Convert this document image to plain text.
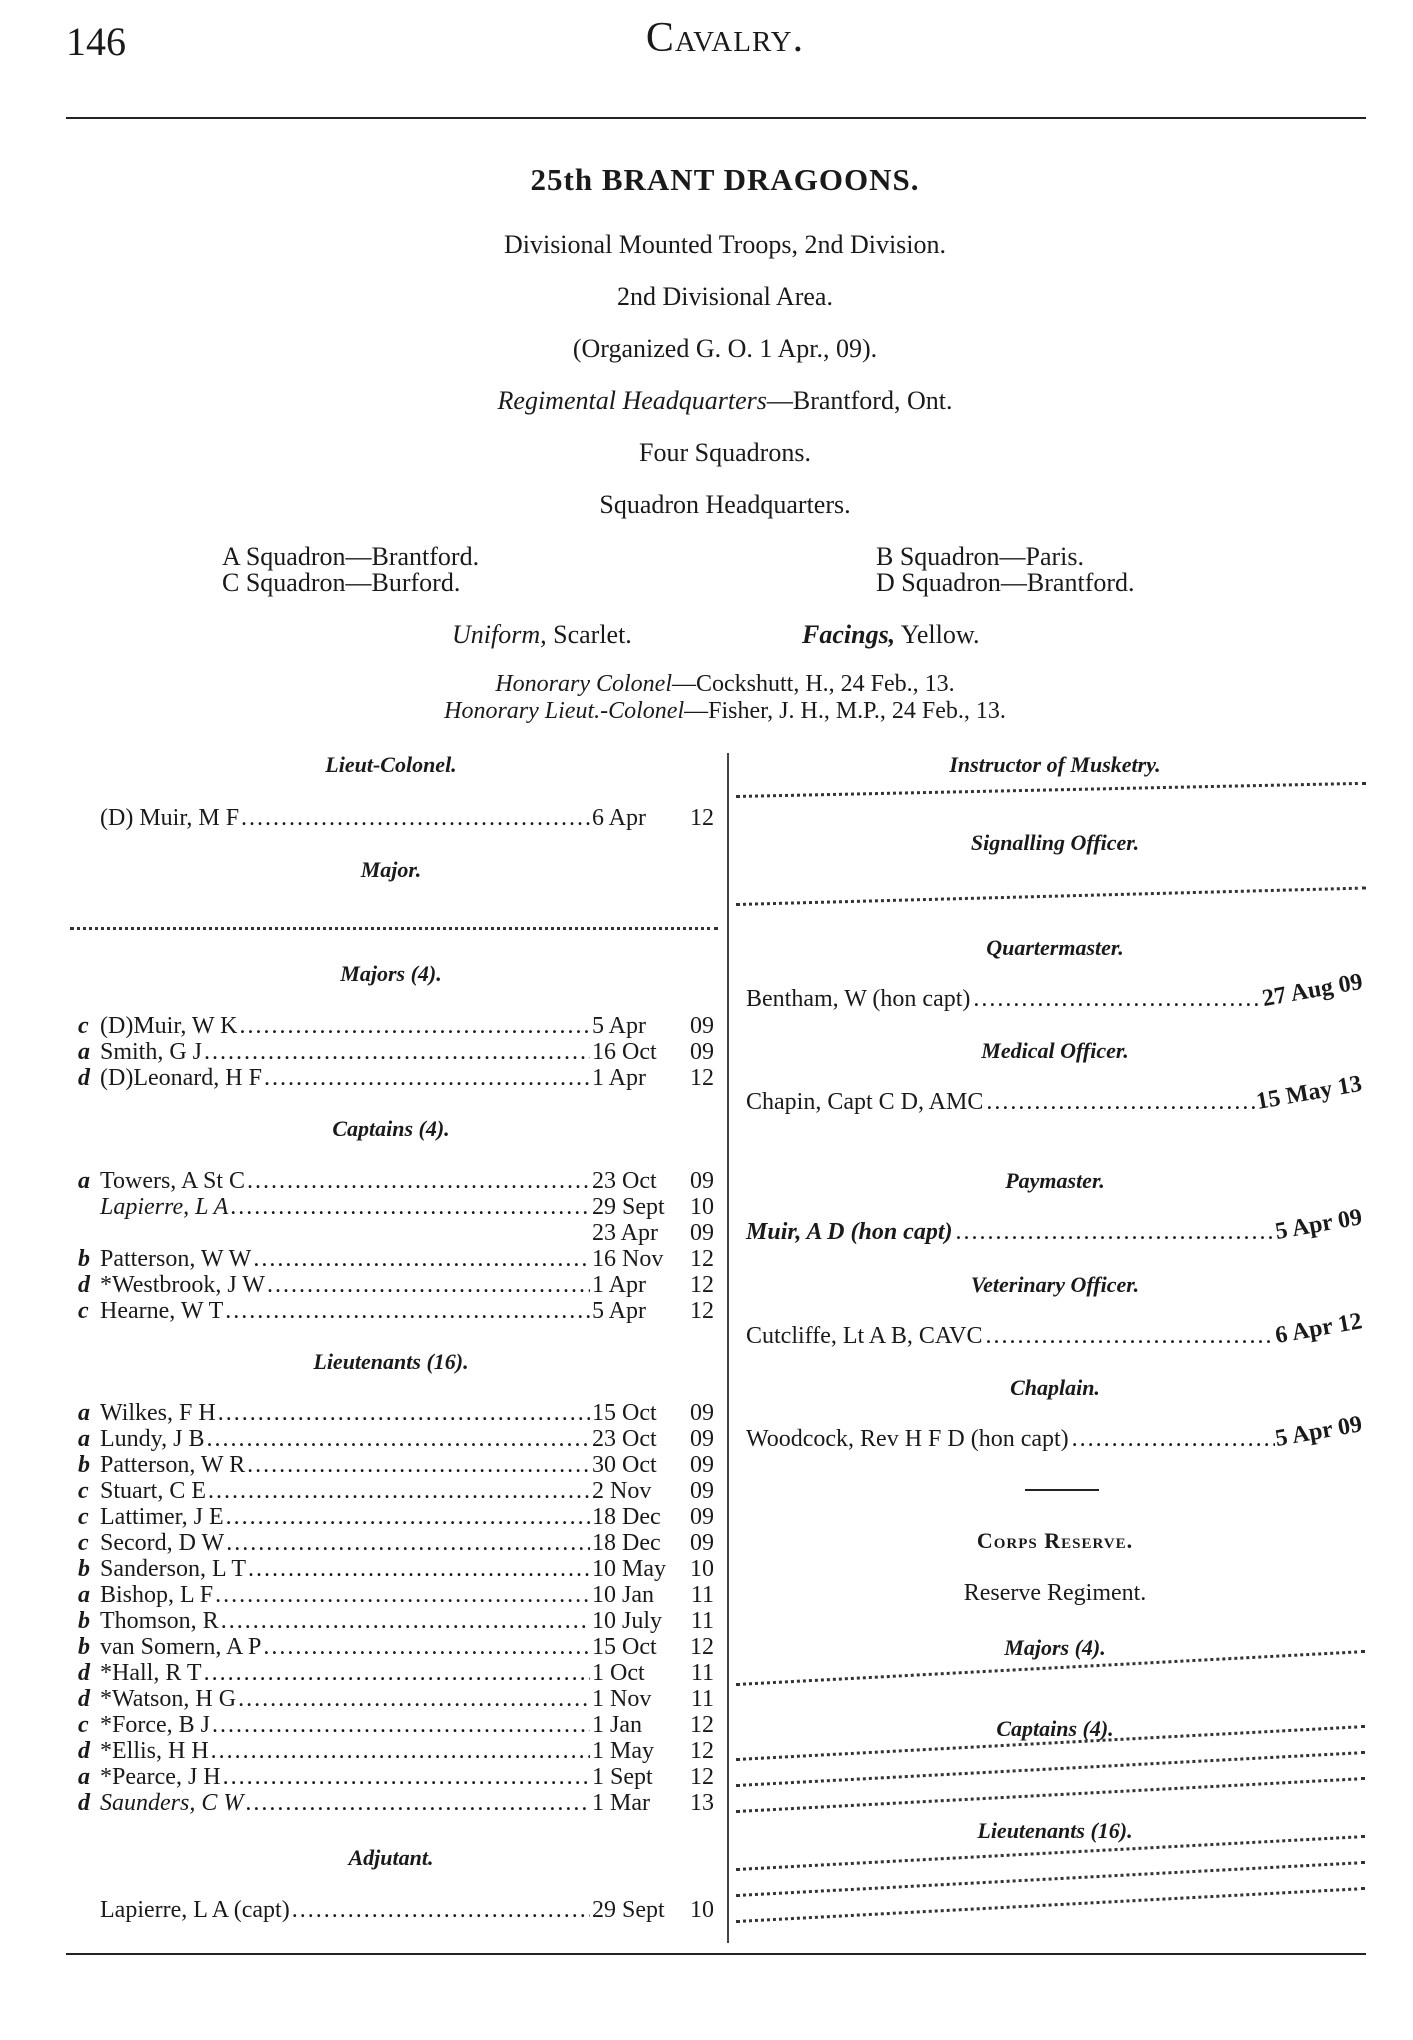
146	Cavalry.
25th BRANT DRAGOONS.
Divisional Mounted Troops, 2nd Division.
2nd Divisional Area.
(Organized G. O. 1 Apr., 09).
Regimental Headquarters—Brantford, Ont.
Four Squadrons.
Squadron Headquarters.
A Squadron—Brantford.	B Squadron—Paris.
C Squadron—Burford.	D Squadron—Brantford.
Uniform, Scarlet.	Facings, Yellow.
Honorary Colonel—Cockshutt, H., 24 Feb., 13.
Honorary Lieut.-Colonel—Fisher, J. H., M.P., 24 Feb., 13.
Lieut-Colonel.
(D) Muir, M F .....	6 Apr	12
Major.
Majors (4).
c (D)Muir, W K .....	5 Apr	09
a Smith, G J .....	16 Oct	09
d (D)Leonard, H F .....	1 Apr	12
Captains (4).
a Towers, A St C .....	23 Oct	09
Lapierre, L A .....	29 Sept	10
23 Apr	09
b Patterson, W W .....	16 Nov	12
d *Westbrook, J W .....	1 Apr	12
c Hearne, W T .....	5 Apr	12
Lieutenants (16).
a Wilkes, F H .....	15 Oct	09
a Lundy, J B .....	23 Oct	09
b Patterson, W R .....	30 Oct	09
c Stuart, C E .....	2 Nov	09
c Lattimer, J E .....	18 Dec	09
c Secord, D W .....	18 Dec	09
b Sanderson, L T .....	10 May	10
a Bishop, L F .....	10 Jan	11
b Thomson, R .....	10 July	11
b van Somern, A P .....	15 Oct	12
d *Hall, R T .....	1 Oct	11
d *Watson, H G .....	1 Nov	11
c *Force, B J .....	1 Jan	12
d *Ellis, H H .....	1 May	12
a *Pearce, J H .....	1 Sept	12
d Saunders, C W .....	1 Mar	13
Adjutant.
Lapierre, L A (capt) .....	29 Sept	10
Instructor of Musketry.
Signalling Officer.
Quartermaster.
Bentham, W (hon capt) .....	27 Aug 09
Medical Officer.
Chapin, Capt C D, AMC .....	15 May 13
Paymaster.
Muir, A D (hon capt) .....	5 Apr 09
Veterinary Officer.
Cutcliffe, Lt A B, CAVC .....	6 Apr 12
Chaplain.
Woodcock, Rev H F D (hon capt) .....	5 Apr 09
Corps Reserve.
Reserve Regiment.
Majors (4).
Captains (4).
Lieutenants (16).
